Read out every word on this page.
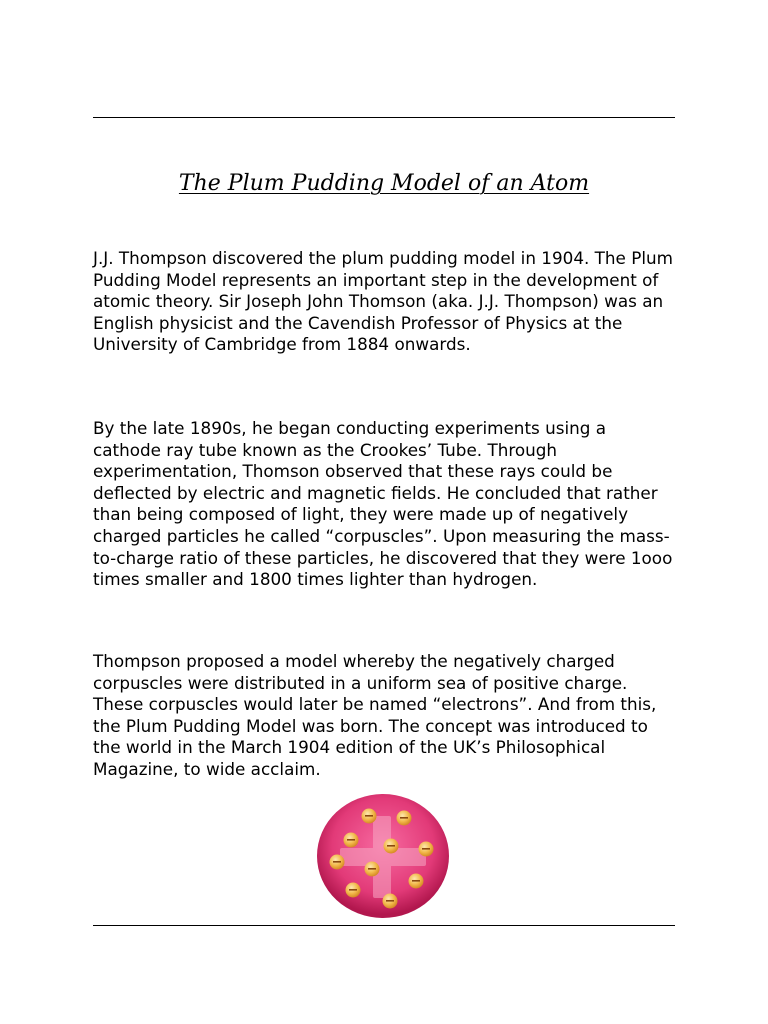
The Plum Pudding Model of an Atom

J.J. Thompson discovered the plum pudding model in 1904. The Plum Pudding Model represents an important step in the development of atomic theory. Sir Joseph John Thomson (aka. J.J. Thompson) was an English physicist and the Cavendish Professor of Physics at the University of Cambridge from 1884 onwards.

By the late 1890s, he began conducting experiments using a cathode ray tube known as the Crookes’ Tube. Through experimentation, Thomson observed that these rays could be deflected by electric and magnetic fields. He concluded that rather than being composed of light, they were made up of negatively charged particles he called “corpuscles”. Upon measuring the mass-to-charge ratio of these particles, he discovered that they were 1ooo times smaller and 1800 times lighter than hydrogen.

Thompson proposed a model whereby the negatively charged corpuscles were distributed in a uniform sea of positive charge. These corpuscles would later be named “electrons”. And from this, the Plum Pudding Model was born. The concept was introduced to the world in the March 1904 edition of the UK’s Philosophical Magazine, to wide acclaim.
